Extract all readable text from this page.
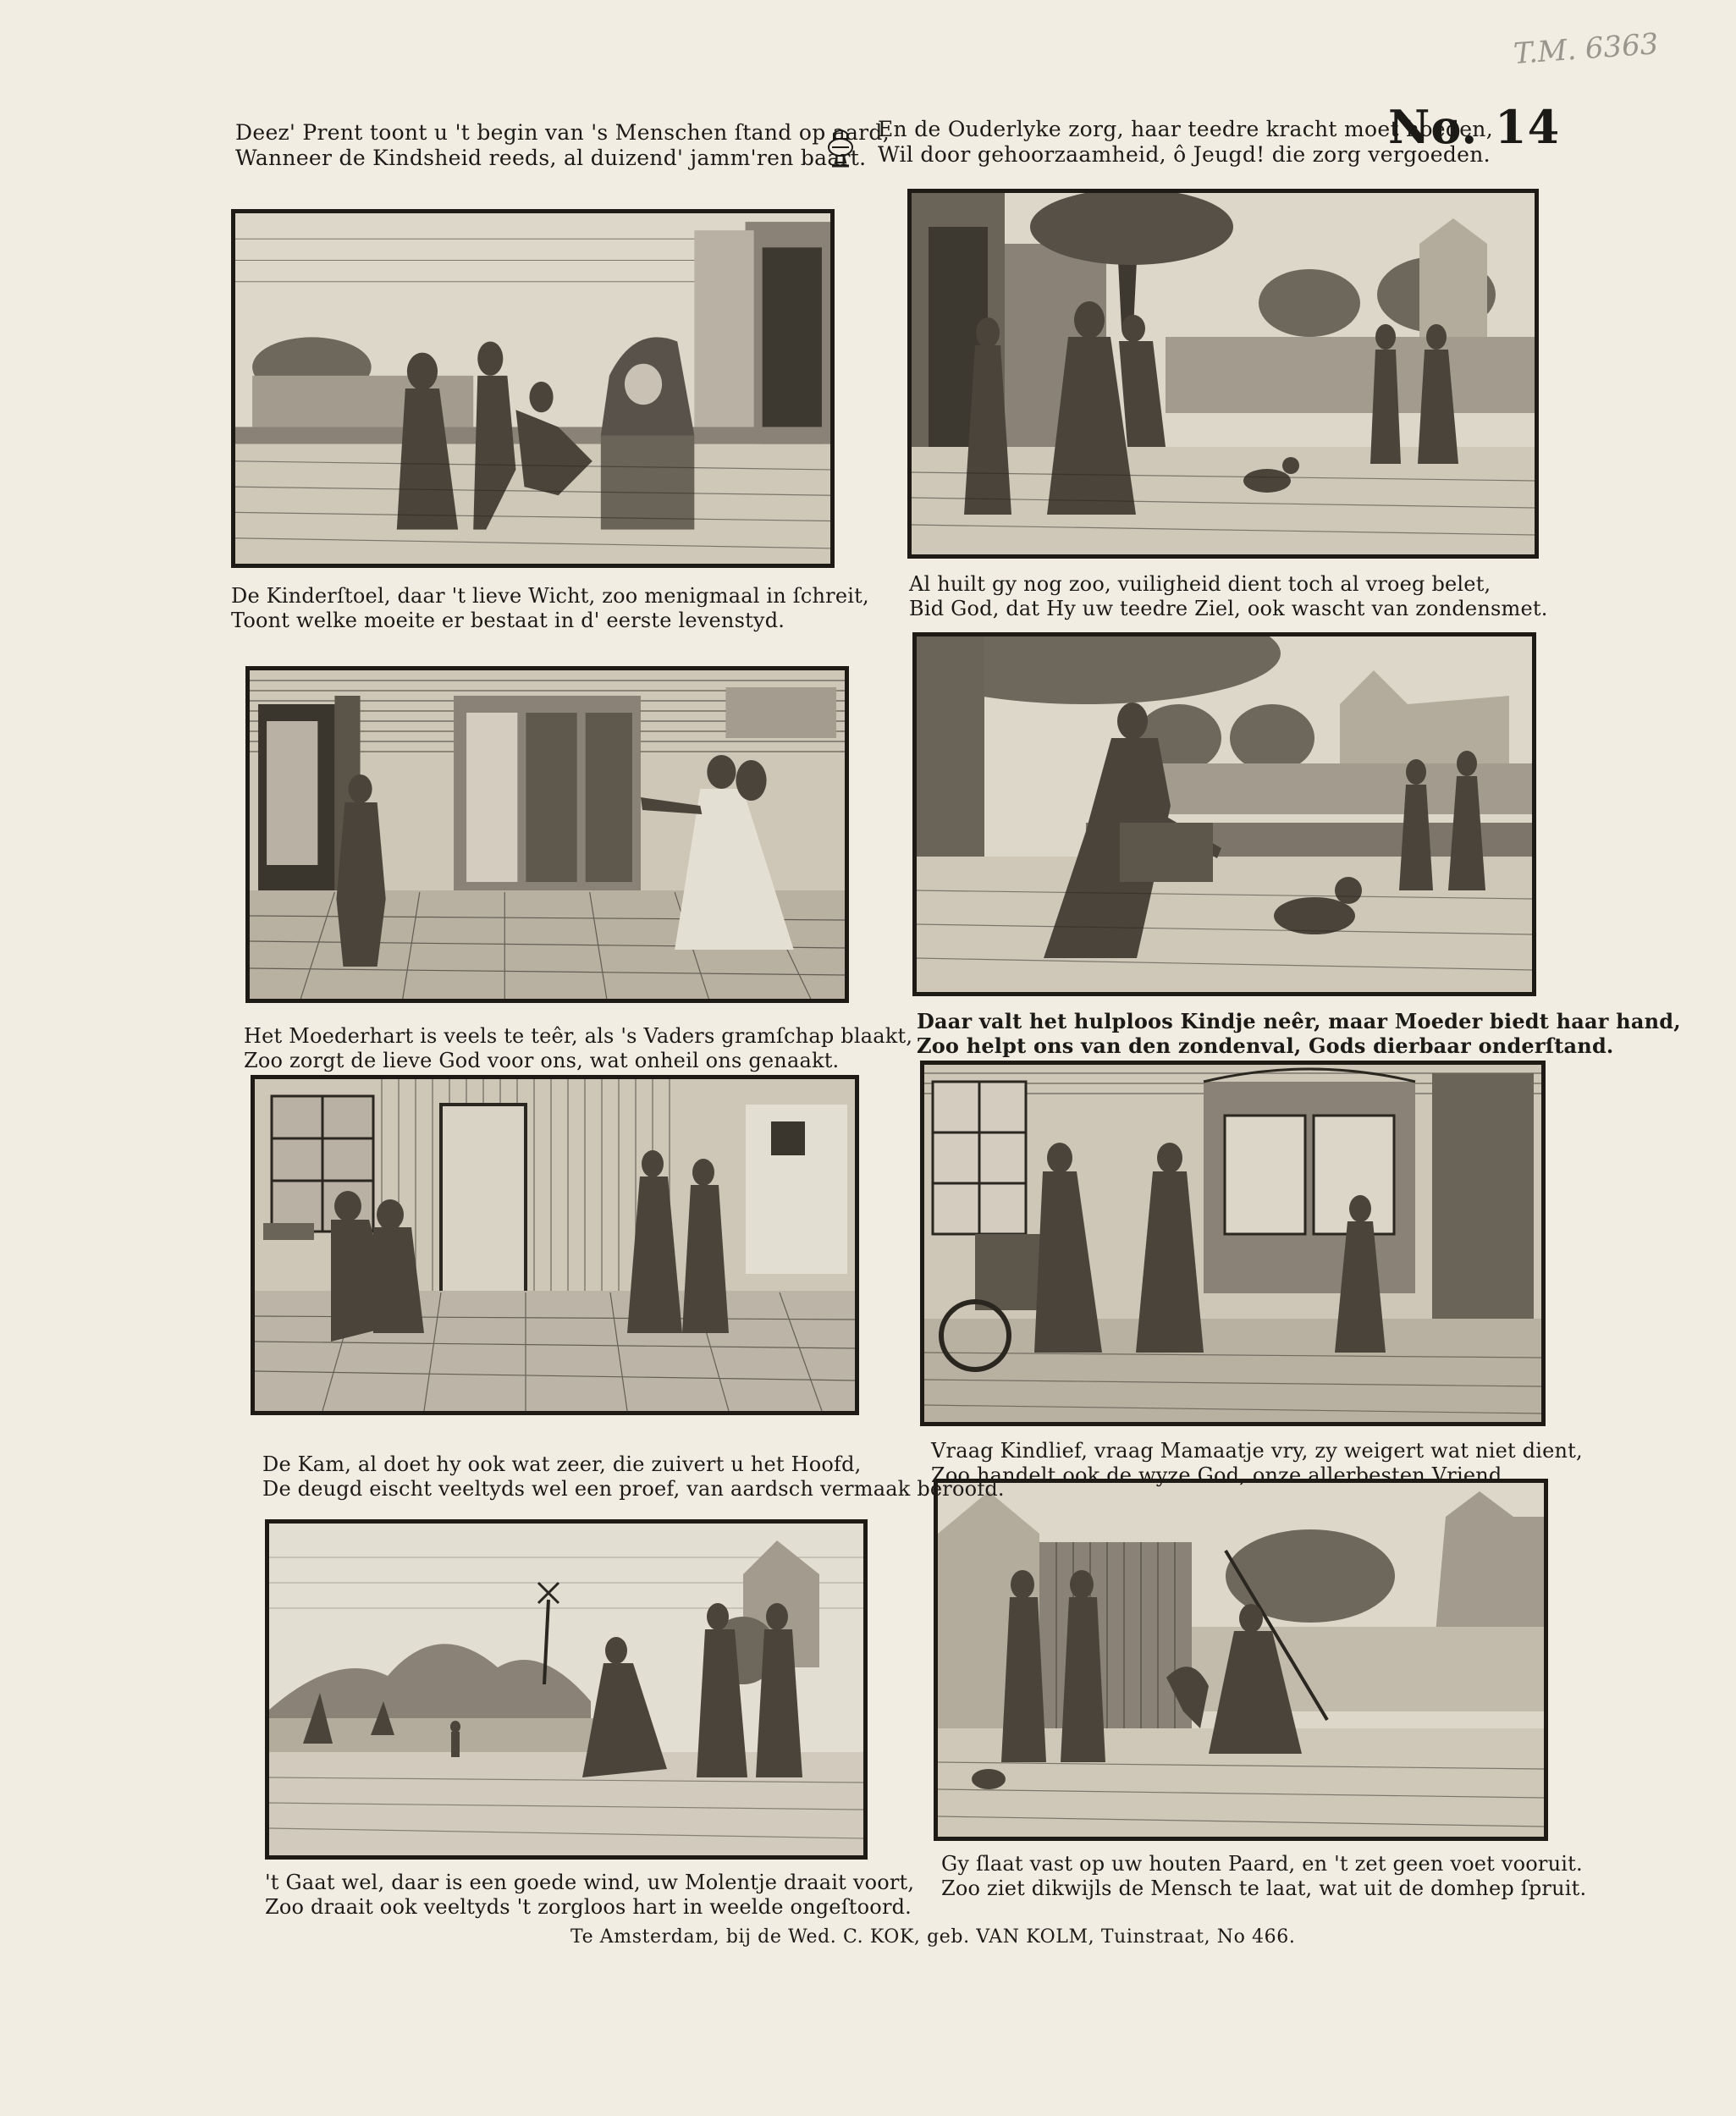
T.M. 6363
Deez' Prent toont u 't begin van 's Menschen ſtand op aard,
Wanneer de Kindsheid reeds, al duizend' jamm'ren baart.
En de Ouderlyke zorg, haar teedre kracht moet hoeden,
Wil door gehoorzaamheid, ô Jeugd! die zorg vergoeden.
No. 14
De Kinderſtoel, daar 't lieve Wicht, zoo menigmaal in ſchreit,
Toont welke moeite er bestaat in d' eerste levenstyd.
Al huilt gy nog zoo, vuiligheid dient toch al vroeg belet,
Bid God, dat Hy uw teedre Ziel, ook wascht van zondensmet.
Het Moederhart is veels te teêr, als 's Vaders gramſchap blaakt,
Zoo zorgt de lieve God voor ons, wat onheil ons genaakt.
Daar valt het hulploos Kindje neêr, maar Moeder biedt haar hand,
Zoo helpt ons van den zondenval, Gods dierbaar onderſtand.
De Kam, al doet hy ook wat zeer, die zuivert u het Hoofd,
De deugd eischt veeltyds wel een proef, van aardsch vermaak beroofd.
Vraag Kindlief, vraag Mamaatje vry, zy weigert wat niet dient,
Zoo handelt ook de wyze God, onze allerbesten Vriend.
't Gaat wel, daar is een goede wind, uw Molentje draait voort,
Zoo draait ook veeltyds 't zorgloos hart in weelde ongeſtoord.
Gy ſlaat vast op uw houten Paard, en 't zet geen voet vooruit.
Zoo ziet dikwijls de Mensch te laat, wat uit de domhep ſpruit.
Te Amsterdam, bij de Wed. C. KOK, geb. VAN KOLM, Tuinstraat, No 466.
